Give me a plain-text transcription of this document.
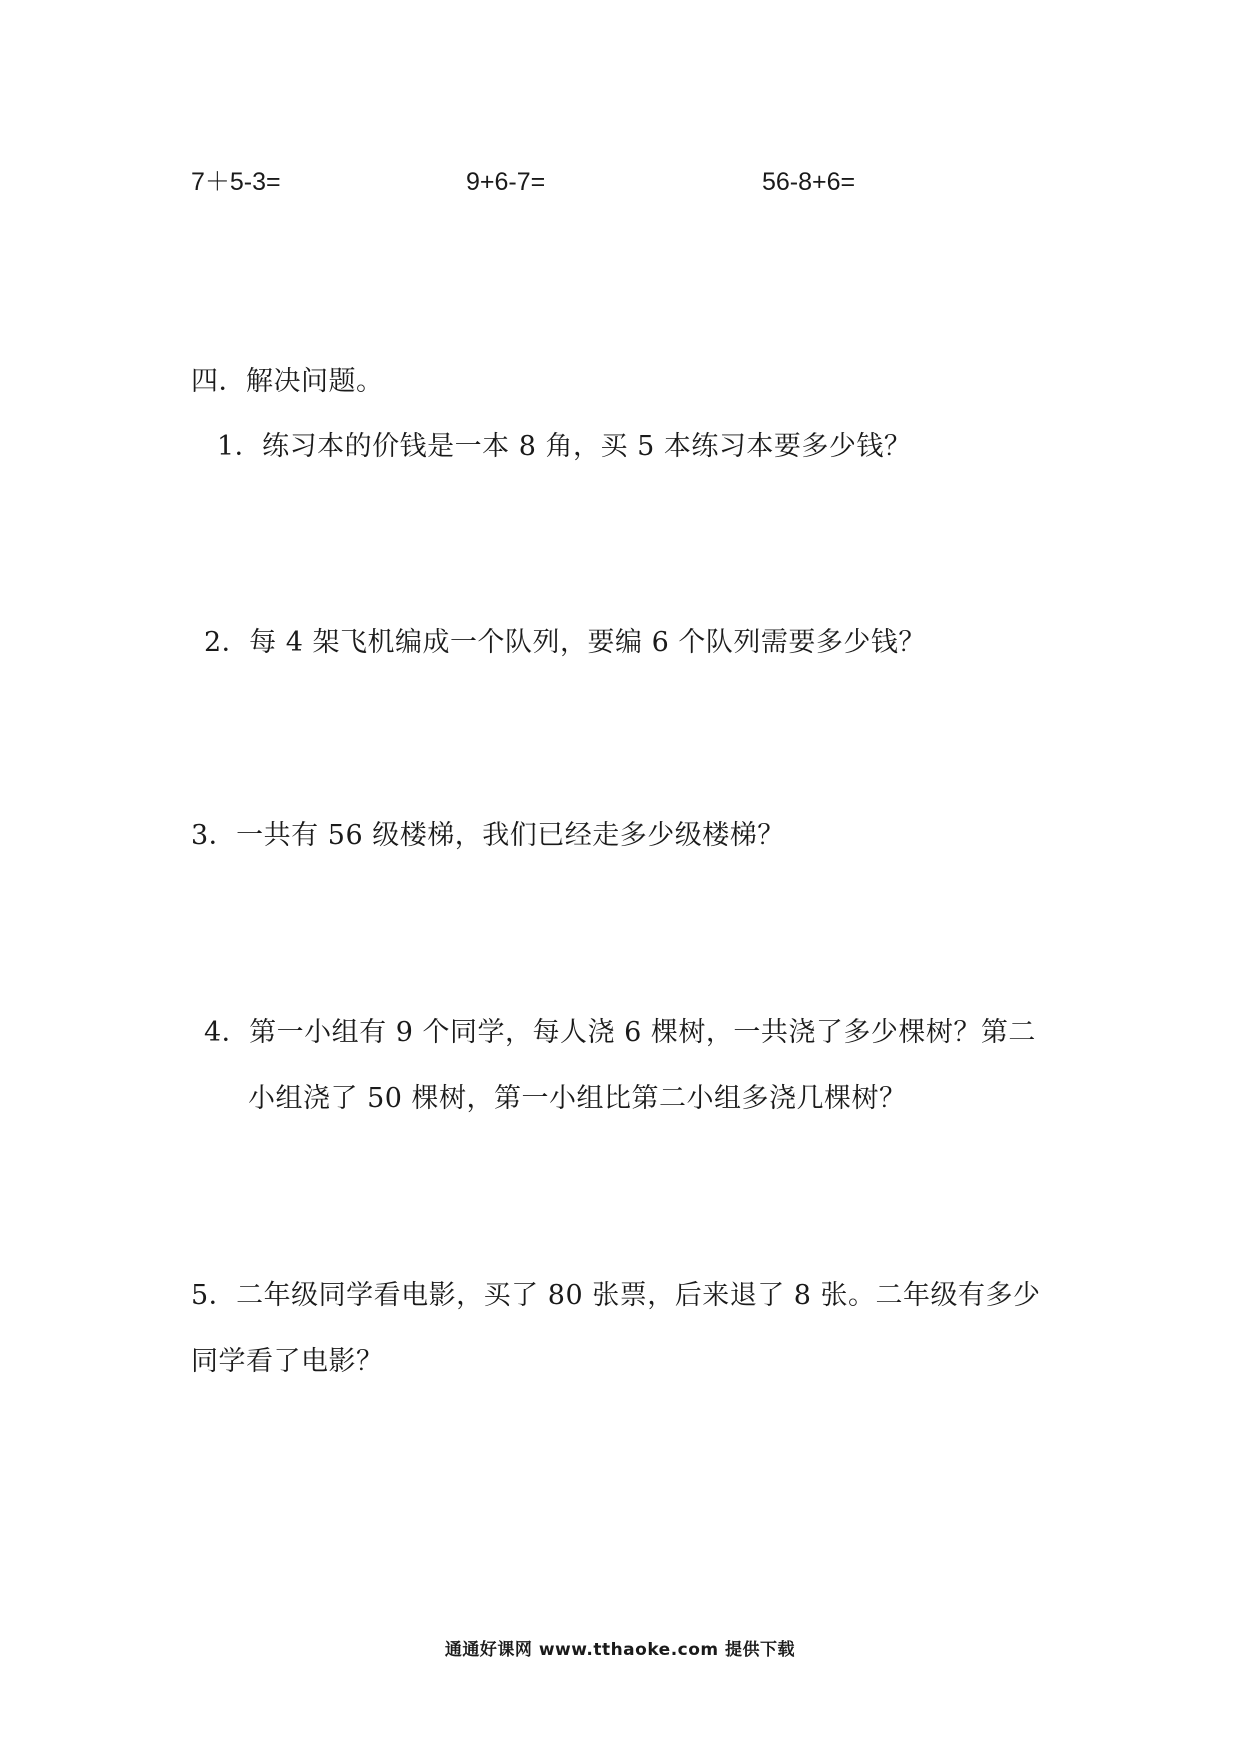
7＋5-3=	9+6-7=	56-8+6=
四．解决问题。
1．练习本的价钱是一本 8 角，买 5 本练习本要多少钱？
2．每 4 架飞机编成一个队列，要编 6 个队列需要多少钱？
3．一共有 56 级楼梯，我们已经走多少级楼梯？
4．第一小组有 9 个同学，每人浇 6 棵树，一共浇了多少棵树？第二
小组浇了 50 棵树，第一小组比第二小组多浇几棵树？
5．二年级同学看电影，买了 80 张票，后来退了 8 张。二年级有多少
同学看了电影？
通通好课网 www.tthaoke.com 提供下载
